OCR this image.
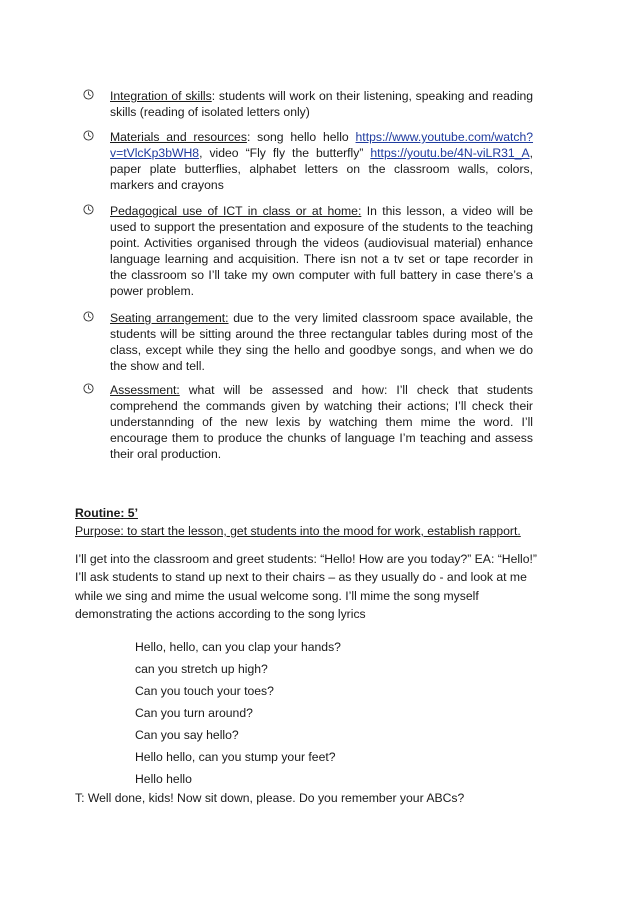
Integration of skills: students will work on their listening, speaking and reading skills (reading of isolated letters only)

Materials and resources: song hello hello https://www.youtube.com/watch?v=tVlcKp3bWH8, video “Fly fly the butterfly” https://youtu.be/4N-viLR31_A, paper plate butterflies, alphabet letters on the classroom walls, colors, markers and crayons

Pedagogical use of ICT in class or at home: In this lesson, a video will be used to support the presentation and exposure of the students to the teaching point. Activities organised through the videos (audiovisual material) enhance language learning and acquisition. There isn not a tv set or tape recorder in the classroom so I’ll take my own computer with full battery in case there’s a power problem.

Seating arrangement: due to the very limited classroom space available, the students will be sitting around the three rectangular tables during most of the class, except while they sing the hello and goodbye songs, and when we do the show and tell.

Assessment: what will be assessed and how: I’ll check that students comprehend the commands given by watching their actions; I’ll check their understannding of the new lexis by watching them mime the word. I’ll encourage them to produce the chunks of language I’m teaching and assess their oral production.

Routine: 5’
Purpose: to start the lesson, get students into the mood for work, establish rapport.
I’ll get into the classroom and greet students: “Hello! How are you today?” EA: “Hello!” I’ll ask students to stand up next to their chairs – as they usually do - and look at me while we sing and mime the usual welcome song. I’ll mime the song myself demonstrating the actions according to the song lyrics
Hello, hello, can you clap your hands?
can you stretch up high?
Can you touch your toes?
Can you turn around?
Can you say hello?
Hello hello, can you stump your feet?
Hello hello
T: Well done, kids! Now sit down, please. Do you remember your ABCs?
